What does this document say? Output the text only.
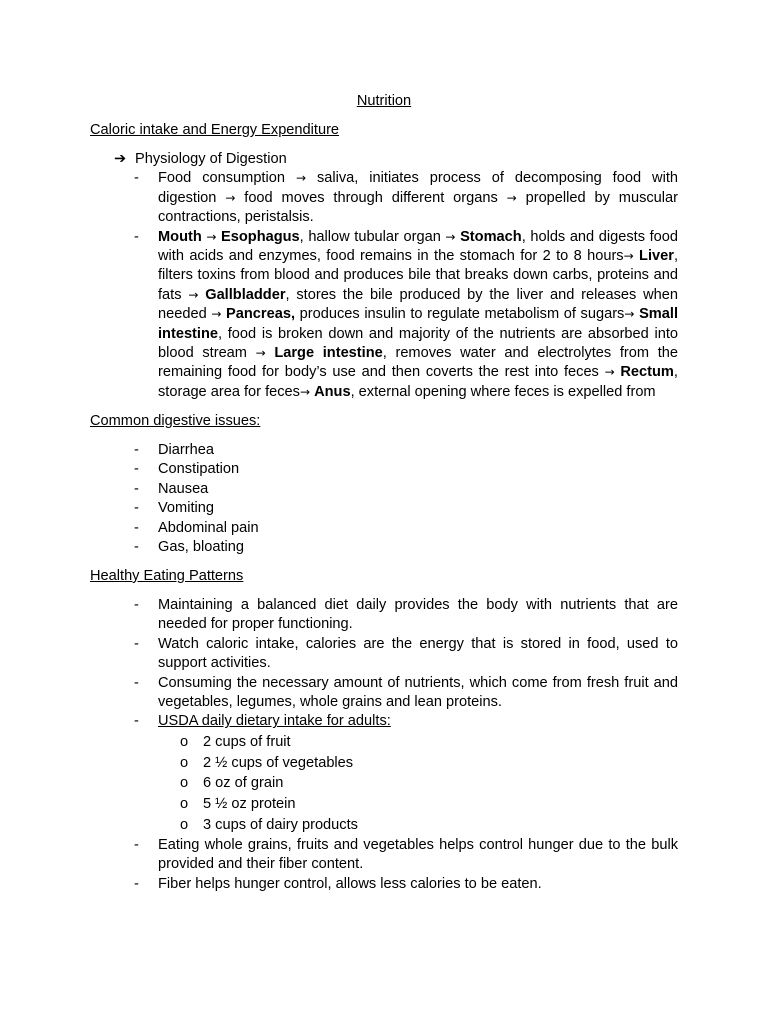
Nutrition

Caloric intake and Energy Expenditure

➔ Physiology of Digestion
- Food consumption → saliva, initiates process of decomposing food with digestion → food moves through different organs → propelled by muscular contractions, peristalsis.
- Mouth → Esophagus, hallow tubular organ → Stomach, holds and digests food with acids and enzymes, food remains in the stomach for 2 to 8 hours→ Liver, filters toxins from blood and produces bile that breaks down carbs, proteins and fats → Gallbladder, stores the bile produced by the liver and releases when needed → Pancreas, produces insulin to regulate metabolism of sugars→ Small intestine, food is broken down and majority of the nutrients are absorbed into blood stream → Large intestine, removes water and electrolytes from the remaining food for body’s use and then coverts the rest into feces → Rectum, storage area for feces→ Anus, external opening where feces is expelled from

Common digestive issues:

- Diarrhea
- Constipation
- Nausea
- Vomiting
- Abdominal pain
- Gas, bloating

Healthy Eating Patterns

- Maintaining a balanced diet daily provides the body with nutrients that are needed for proper functioning.
- Watch caloric intake, calories are the energy that is stored in food, used to support activities.
- Consuming the necessary amount of nutrients, which come from fresh fruit and vegetables, legumes, whole grains and lean proteins.
- USDA daily dietary intake for adults:
o 2 cups of fruit
o 2 ½ cups of vegetables
o 6 oz of grain
o 5 ½ oz protein
o 3 cups of dairy products
- Eating whole grains, fruits and vegetables helps control hunger due to the bulk provided and their fiber content.
- Fiber helps hunger control, allows less calories to be eaten.
